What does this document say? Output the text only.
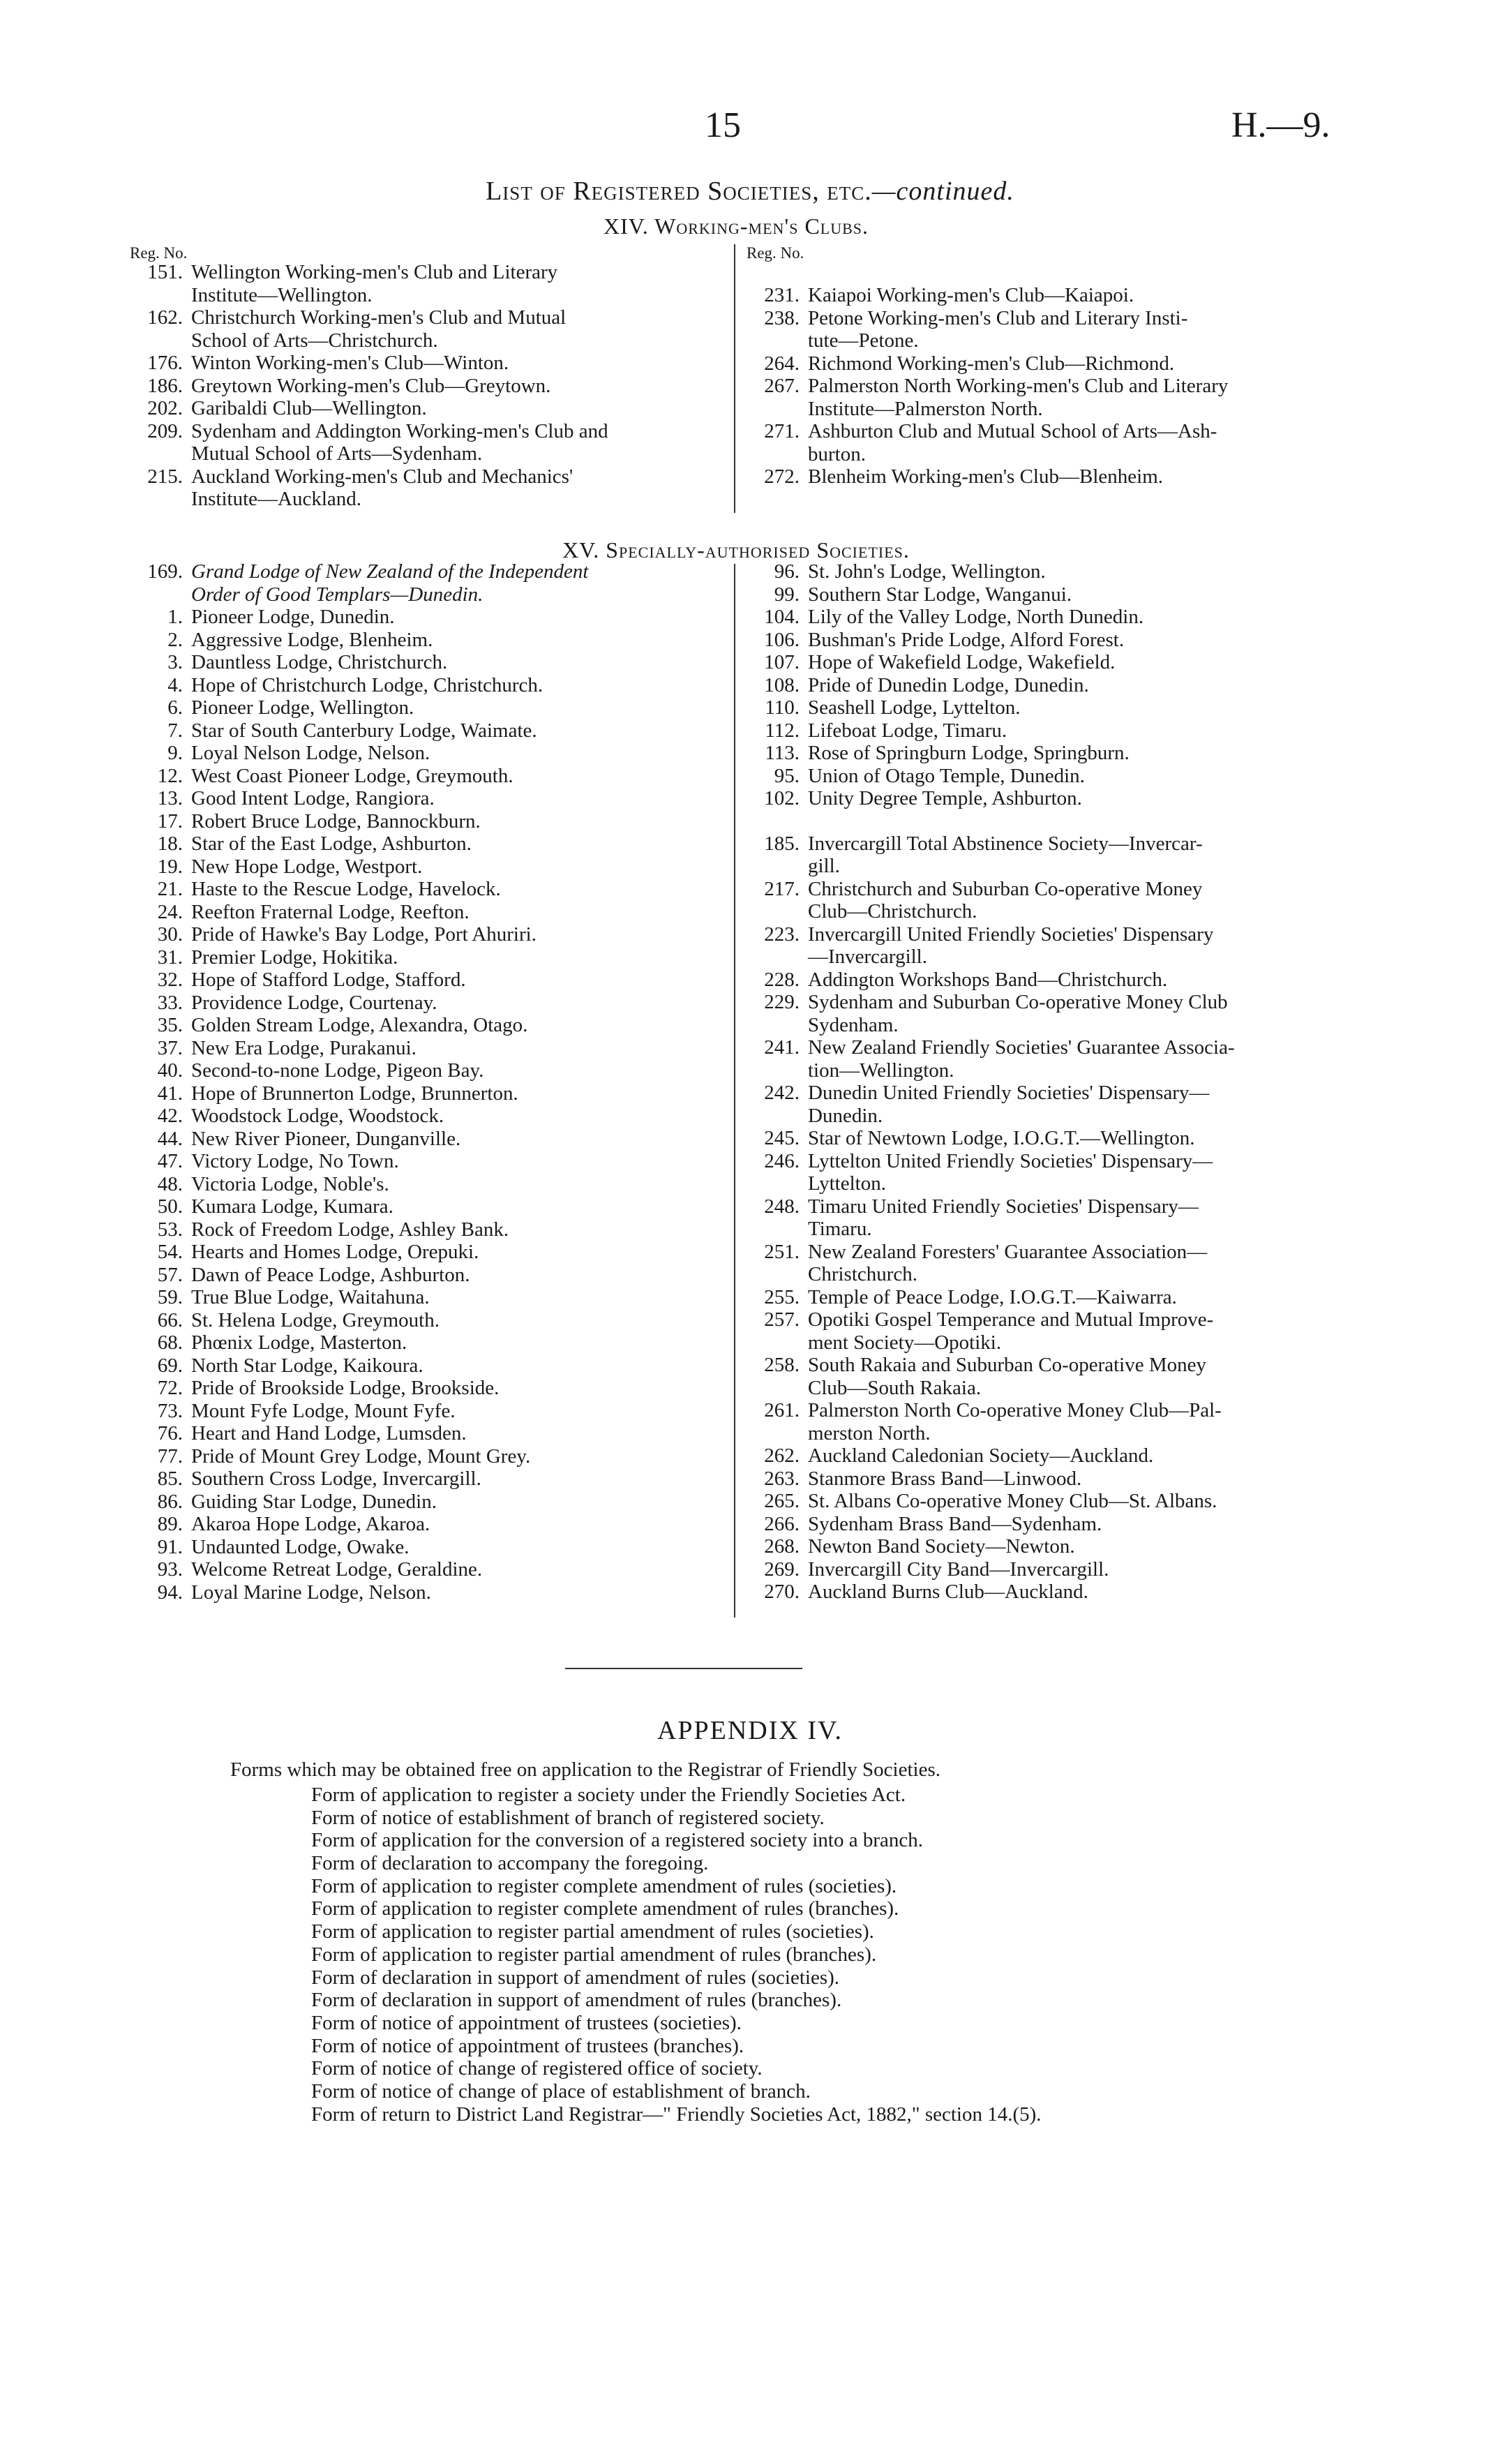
15	H.—9.
List of Registered Societies, etc.—continued.
XIV. Working-men's Clubs.
Reg. No.	Reg. No.
151. Wellington Working-men's Club and Literary
Institute—Wellington.
162. Christchurch Working-men's Club and Mutual
School of Arts—Christchurch.
176. Winton Working-men's Club—Winton.
186. Greytown Working-men's Club—Greytown.
202. Garibaldi Club—Wellington.
209. Sydenham and Addington Working-men's Club and
Mutual School of Arts—Sydenham.
215. Auckland Working-men's Club and Mechanics'
Institute—Auckland.
231. Kaiapoi Working-men's Club—Kaiapoi.
238. Petone Working-men's Club and Literary Insti-
tute—Petone.
264. Richmond Working-men's Club—Richmond.
267. Palmerston North Working-men's Club and Literary
Institute—Palmerston North.
271. Ashburton Club and Mutual School of Arts—Ash-
burton.
272. Blenheim Working-men's Club—Blenheim.
XV. Specially-authorised Societies.
169. Grand Lodge of New Zealand of the Independent
Order of Good Templars—Dunedin.
1. Pioneer Lodge, Dunedin.
2. Aggressive Lodge, Blenheim.
3. Dauntless Lodge, Christchurch.
4. Hope of Christchurch Lodge, Christchurch.
6. Pioneer Lodge, Wellington.
7. Star of South Canterbury Lodge, Waimate.
9. Loyal Nelson Lodge, Nelson.
12. West Coast Pioneer Lodge, Greymouth.
13. Good Intent Lodge, Rangiora.
17. Robert Bruce Lodge, Bannockburn.
18. Star of the East Lodge, Ashburton.
19. New Hope Lodge, Westport.
21. Haste to the Rescue Lodge, Havelock.
24. Reefton Fraternal Lodge, Reefton.
30. Pride of Hawke's Bay Lodge, Port Ahuriri.
31. Premier Lodge, Hokitika.
32. Hope of Stafford Lodge, Stafford.
33. Providence Lodge, Courtenay.
35. Golden Stream Lodge, Alexandra, Otago.
37. New Era Lodge, Purakanui.
40. Second-to-none Lodge, Pigeon Bay.
41. Hope of Brunnerton Lodge, Brunnerton.
42. Woodstock Lodge, Woodstock.
44. New River Pioneer, Dunganville.
47. Victory Lodge, No Town.
48. Victoria Lodge, Noble's.
50. Kumara Lodge, Kumara.
53. Rock of Freedom Lodge, Ashley Bank.
54. Hearts and Homes Lodge, Orepuki.
57. Dawn of Peace Lodge, Ashburton.
59. True Blue Lodge, Waitahuna.
66. St. Helena Lodge, Greymouth.
68. Phœnix Lodge, Masterton.
69. North Star Lodge, Kaikoura.
72. Pride of Brookside Lodge, Brookside.
73. Mount Fyfe Lodge, Mount Fyfe.
76. Heart and Hand Lodge, Lumsden.
77. Pride of Mount Grey Lodge, Mount Grey.
85. Southern Cross Lodge, Invercargill.
86. Guiding Star Lodge, Dunedin.
89. Akaroa Hope Lodge, Akaroa.
91. Undaunted Lodge, Owake.
93. Welcome Retreat Lodge, Geraldine.
94. Loyal Marine Lodge, Nelson.
96. St. John's Lodge, Wellington.
99. Southern Star Lodge, Wanganui.
104. Lily of the Valley Lodge, North Dunedin.
106. Bushman's Pride Lodge, Alford Forest.
107. Hope of Wakefield Lodge, Wakefield.
108. Pride of Dunedin Lodge, Dunedin.
110. Seashell Lodge, Lyttelton.
112. Lifeboat Lodge, Timaru.
113. Rose of Springburn Lodge, Springburn.
95. Union of Otago Temple, Dunedin.
102. Unity Degree Temple, Ashburton.
185. Invercargill Total Abstinence Society—Invercar-
gill.
217. Christchurch and Suburban Co-operative Money
Club—Christchurch.
223. Invercargill United Friendly Societies' Dispensary
—Invercargill.
228. Addington Workshops Band—Christchurch.
229. Sydenham and Suburban Co-operative Money Club
Sydenham.
241. New Zealand Friendly Societies' Guarantee Associa-
tion—Wellington.
242. Dunedin United Friendly Societies' Dispensary—
Dunedin.
245. Star of Newtown Lodge, I.O.G.T.—Wellington.
246. Lyttelton United Friendly Societies' Dispensary—
Lyttelton.
248. Timaru United Friendly Societies' Dispensary—
Timaru.
251. New Zealand Foresters' Guarantee Association—
Christchurch.
255. Temple of Peace Lodge, I.O.G.T.—Kaiwarra.
257. Opotiki Gospel Temperance and Mutual Improve-
ment Society—Opotiki.
258. South Rakaia and Suburban Co-operative Money
Club—South Rakaia.
261. Palmerston North Co-operative Money Club—Pal-
merston North.
262. Auckland Caledonian Society—Auckland.
263. Stanmore Brass Band—Linwood.
265. St. Albans Co-operative Money Club—St. Albans.
266. Sydenham Brass Band—Sydenham.
268. Newton Band Society—Newton.
269. Invercargill City Band—Invercargill.
270. Auckland Burns Club—Auckland.
APPENDIX IV.
Forms which may be obtained free on application to the Registrar of Friendly Societies.
Form of application to register a society under the Friendly Societies Act.
Form of notice of establishment of branch of registered society.
Form of application for the conversion of a registered society into a branch.
Form of declaration to accompany the foregoing.
Form of application to register complete amendment of rules (societies).
Form of application to register complete amendment of rules (branches).
Form of application to register partial amendment of rules (societies).
Form of application to register partial amendment of rules (branches).
Form of declaration in support of amendment of rules (societies).
Form of declaration in support of amendment of rules (branches).
Form of notice of appointment of trustees (societies).
Form of notice of appointment of trustees (branches).
Form of notice of change of registered office of society.
Form of notice of change of place of establishment of branch.
Form of return to District Land Registrar—" Friendly Societies Act, 1882," section 14.(5).
